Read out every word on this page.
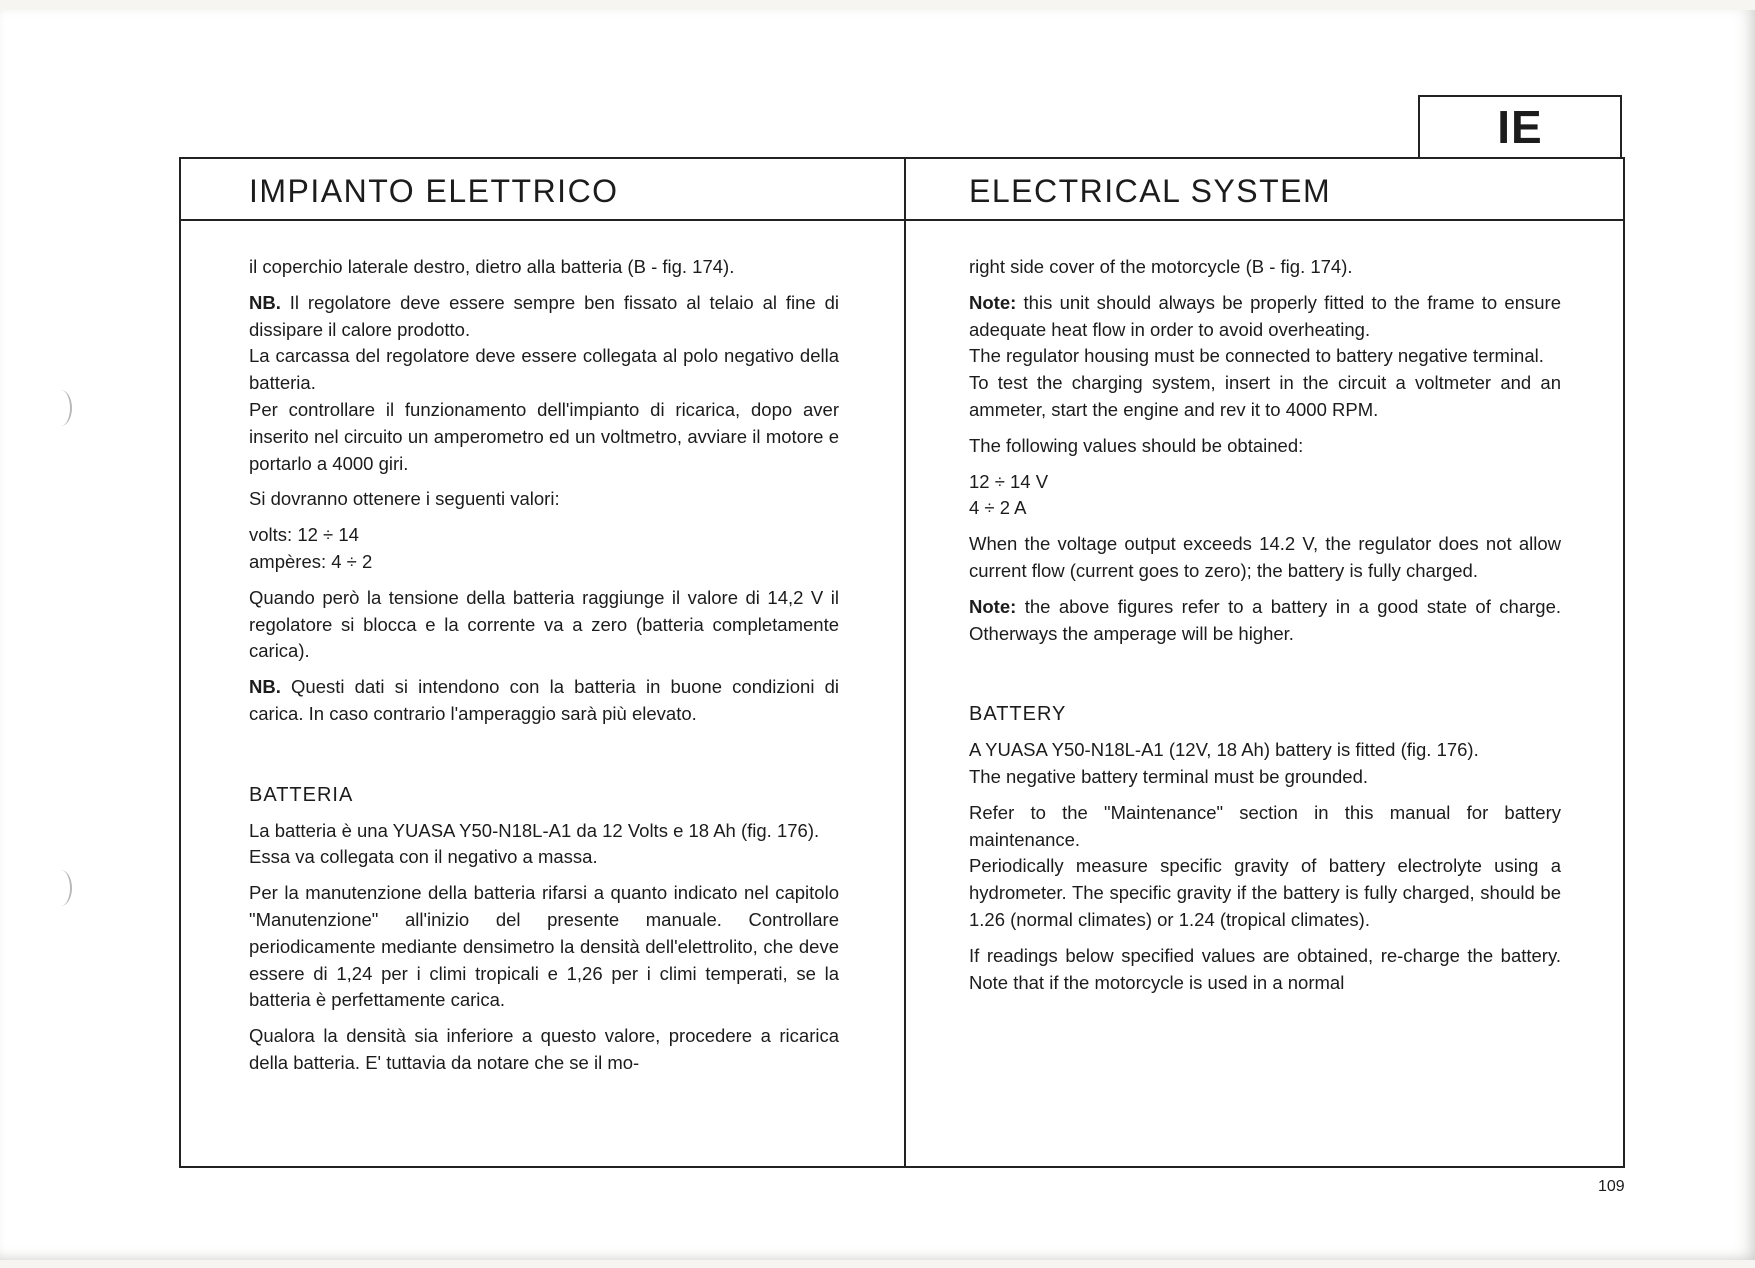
IE
IMPIANTO ELETTRICO	ELECTRICAL SYSTEM

il coperchio laterale destro, dietro alla batteria (B - fig. 174).

NB. Il regolatore deve essere sempre ben fissato al telaio al fine di dissipare il calore prodotto.

La carcassa del regolatore deve essere collegata al polo negativo della batteria.

Per controllare il funzionamento dell'impianto di ricarica, dopo aver inserito nel circuito un amperometro ed un voltmetro, avviare il motore e portarlo a 4000 giri.

Si dovranno ottenere i seguenti valori:

volts: 12 ÷ 14

ampères: 4 ÷ 2

Quando però la tensione della batteria raggiunge il valore di 14,2 V il regolatore si blocca e la corrente va a zero (batteria completamente carica).

NB. Questi dati si intendono con la batteria in buone condizioni di carica. In caso contrario l'amperaggio sarà più elevato.

BATTERIA

La batteria è una YUASA Y50-N18L-A1 da 12 Volts e 18 Ah (fig. 176).

Essa va collegata con il negativo a massa.

Per la manutenzione della batteria rifarsi a quanto indicato nel capitolo "Manutenzione" all'inizio del presente manuale. Controllare periodicamente mediante densimetro la densità dell'elettrolito, che deve essere di 1,24 per i climi tropicali e 1,26 per i climi temperati, se la batteria è perfettamente carica.

Qualora la densità sia inferiore a questo valore, procedere a ricarica della batteria. E' tuttavia da notare che se il mo-

right side cover of the motorcycle (B - fig. 174).

Note: this unit should always be properly fitted to the frame to ensure adequate heat flow in order to avoid overheating.

The regulator housing must be connected to battery negative terminal.

To test the charging system, insert in the circuit a voltmeter and an ammeter, start the engine and rev it to 4000 RPM.

The following values should be obtained:

12 ÷ 14 V

4 ÷ 2 A

When the voltage output exceeds 14.2 V, the regulator does not allow current flow (current goes to zero); the battery is fully charged.

Note: the above figures refer to a battery in a good state of charge. Otherways the amperage will be higher.

BATTERY

A YUASA Y50-N18L-A1 (12V, 18 Ah) battery is fitted (fig. 176).

The negative battery terminal must be grounded.

Refer to the "Maintenance" section in this manual for battery maintenance.

Periodically measure specific gravity of battery electrolyte using a hydrometer. The specific gravity if the battery is fully charged, should be 1.26 (normal climates) or 1.24 (tropical climates).

If readings below specified values are obtained, re-charge the battery. Note that if the motorcycle is used in a normal

109
